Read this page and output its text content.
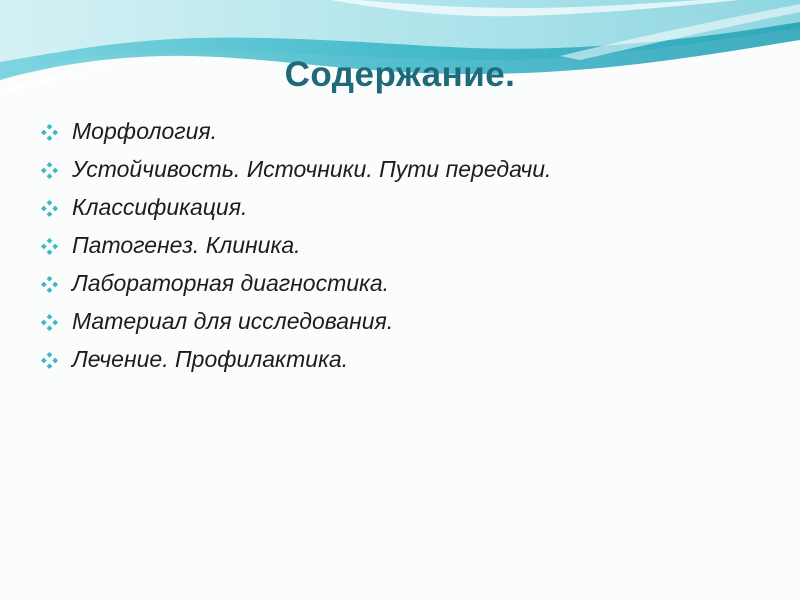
Содержание.
Морфология.
Устойчивость. Источники. Пути передачи.
Классификация.
Патогенез. Клиника.
Лабораторная диагностика.
Материал для исследования.
Лечение. Профилактика.
